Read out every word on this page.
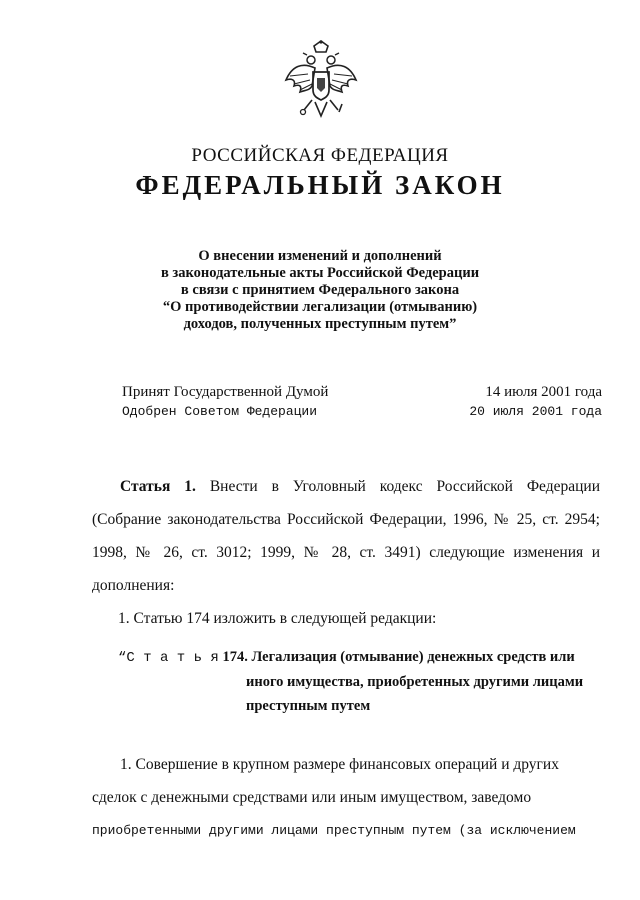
РОССИЙСКАЯ ФЕДЕРАЦИЯ
ФЕДЕРАЛЬНЫЙ ЗАКОН
О внесении изменений и дополнений
в законодательные акты Российской Федерации
в связи с принятием Федерального закона
“О противодействии легализации (отмыванию)
доходов, полученных преступным путем”
Принят Государственной Думой	14 июля 2001 года
Одобрен Советом Федерации	20 июля 2001 года
Статья 1. Внести в Уголовный кодекс Российской Федерации (Собрание законодательства Российской Федерации, 1996, № 25, ст. 2954; 1998, № 26, ст. 3012; 1999, № 28, ст. 3491) следующие изменения и дополнения:
1. Статью 174 изложить в следующей редакции:
“С т а т ь я 174. Легализация (отмывание) денежных средств или
иного имущества, приобретенных другими лицами
преступным путем
1. Совершение в крупном размере финансовых операций и других
сделок с денежными средствами или иным имуществом, заведомо
приобретенными другими лицами преступным путем (за исключением
